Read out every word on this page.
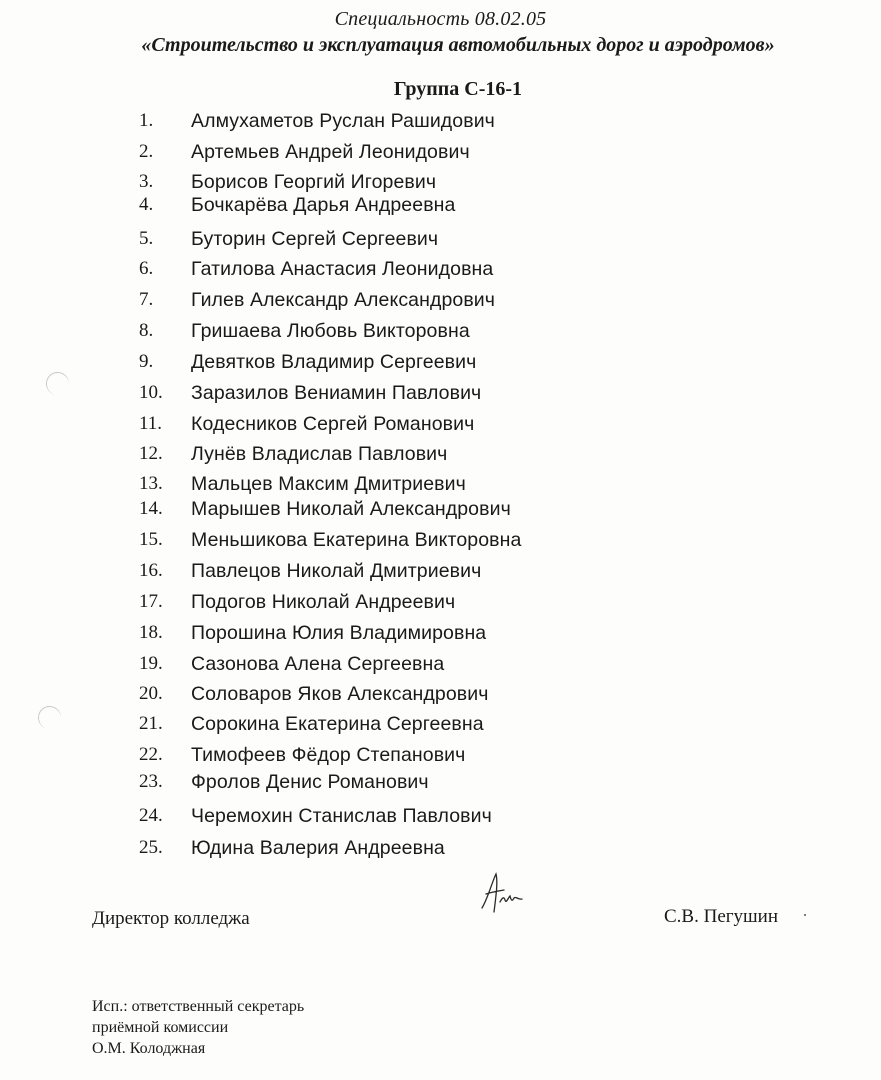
Специальность 08.02.05
«Строительство и эксплуатация автомобильных дорог и аэродромов»
Группа С-16-1
1.	Алмухаметов Руслан Рашидович
2.	Артемьев Андрей Леонидович
3.	Борисов Георгий Игоревич
4.	Бочкарёва Дарья Андреевна
5.	Буторин Сергей Сергеевич
6.	Гатилова Анастасия Леонидовна
7.	Гилев Александр Александрович
8.	Гришаева Любовь Викторовна
9.	Девятков Владимир Сергеевич
10.	Заразилов Вениамин Павлович
11.	Кодесников Сергей Романович
12.	Лунёв Владислав Павлович
13.	Мальцев Максим Дмитриевич
14.	Марышев Николай Александрович
15.	Меньшикова Екатерина Викторовна
16.	Павлецов Николай Дмитриевич
17.	Подогов Николай Андреевич
18.	Порошина Юлия Владимировна
19.	Сазонова Алена Сергеевна
20.	Соловаров Яков Александрович
21.	Сорокина Екатерина Сергеевна
22.	Тимофеев Фёдор Степанович
23.	Фролов Денис Романович
24.	Черемохин Станислав Павлович
25.	Юдина Валерия Андреевна
Директор колледжа	С.В. Пегушин
Исп.: ответственный секретарь
приёмной комиссии
О.М. Колоджная
